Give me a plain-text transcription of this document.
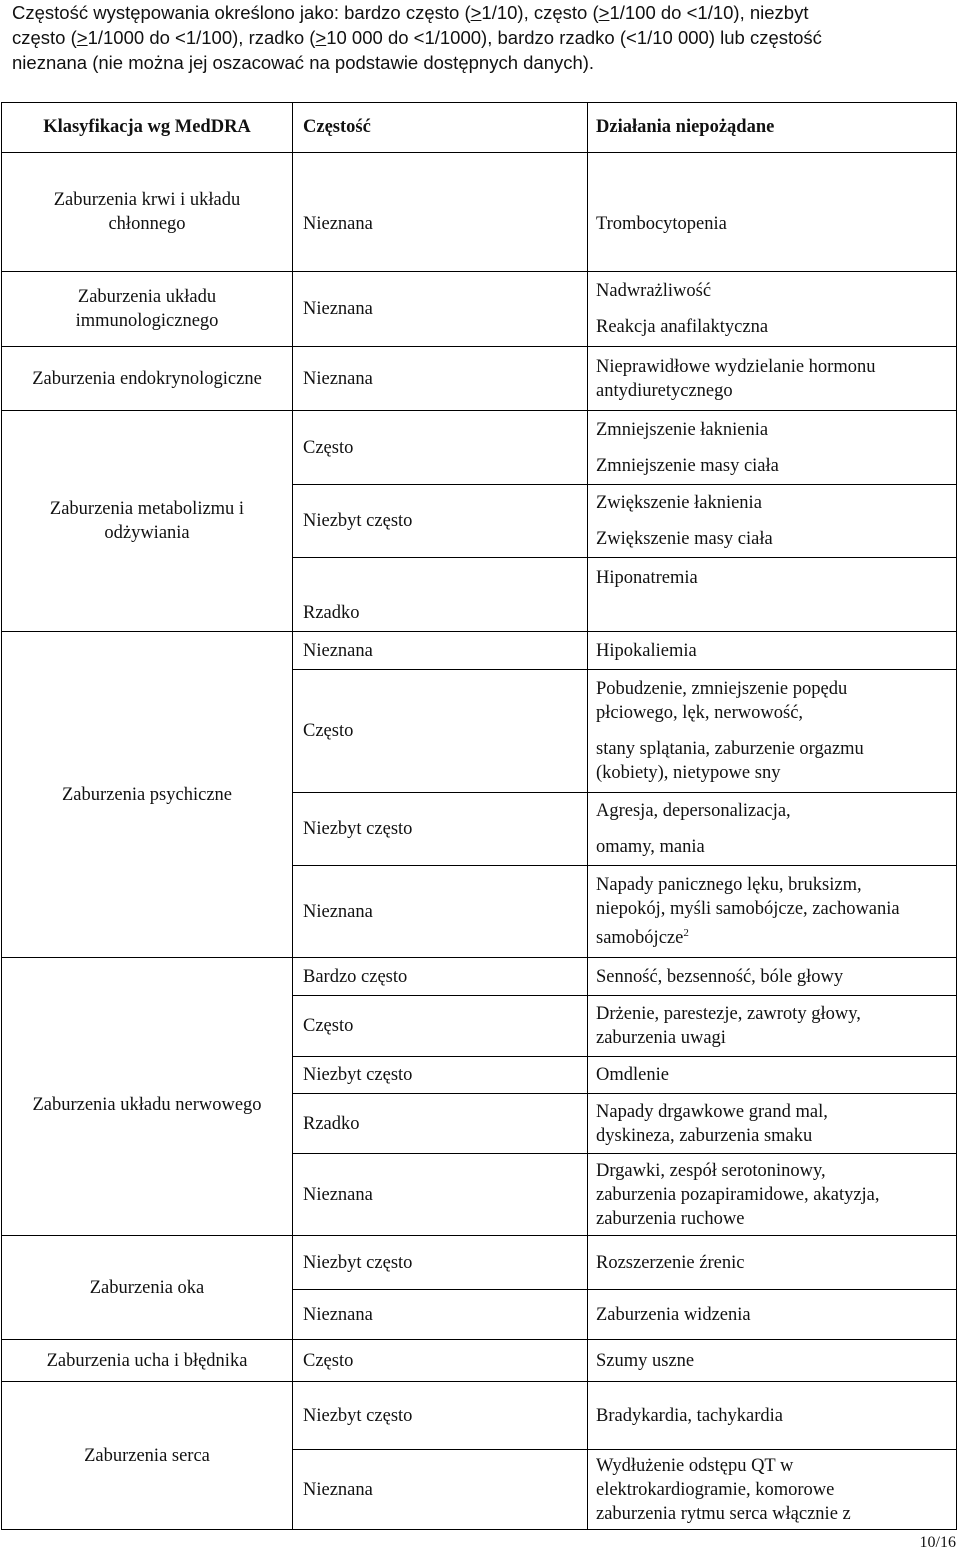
Częstość występowania określono jako: bardzo często (>1/10), często (>1/100 do <1/10), niezbyt
często (>1/1000 do <1/100), rzadko (>10 000 do <1/1000), bardzo rzadko (<1/10 000) lub częstość
nieznana (nie można jej oszacować na podstawie dostępnych danych).
Klasyfikacja wg MedDRA	Częstość	Działania niepożądane

Zaburzenia krwi i układu
chłonnego	Nieznana	Trombocytopenia

Zaburzenia układu
immunologicznego	Nieznana	Nadwrażliwość
Reakcja anafilaktyczna

Zaburzenia endokrynologiczne	Nieznana	Nieprawidłowe wydzielanie hormonu
antydiuretycznego

Zaburzenia metabolizmu i
odżywiania	Często	Zmniejszenie łaknienia
Zmniejszenie masy ciała

	Niezbyt często	Zwiększenie łaknienia
Zwiększenie masy ciała

	Rzadko	Hiponatremia
Zaburzenia psychiczne	Nieznana	Hipokaliemia
	Często	Pobudzenie, zmniejszenie popędu
płciowego, lęk, nerwowość,
stany splątania, zaburzenie orgazmu
(kobiety), nietypowe sny

	Niezbyt często	Agresja, depersonalizacja,
omamy, mania

	Nieznana	Napady panicznego lęku, bruksizm,
niepokój, myśli samobójcze, zachowania
samobójcze$^2$

Zaburzenia układu nerwowego	Bardzo często	Senność, bezsenność, bóle głowy
	Często	Drżenie, parestezje, zawroty głowy,
zaburzenia uwagi

	Niezbyt często	Omdlenie
	Rzadko	Napady drgawkowe grand mal,
dyskineza, zaburzenia smaku

	Nieznana	Drgawki, zespół serotoninowy,
zaburzenia pozapiramidowe, akatyzja,
zaburzenia ruchowe

Zaburzenia oka	Niezbyt często	Rozszerzenie źrenic
	Nieznana	Zaburzenia widzenia
Zaburzenia ucha i błędnika	Często	Szumy uszne
Zaburzenia serca	Niezbyt często	Bradykardia, tachykardia
	Nieznana	Wydłużenie odstępu QT w
elektrokardiogramie, komorowe
zaburzenia rytmu serca włącznie z
10/16
